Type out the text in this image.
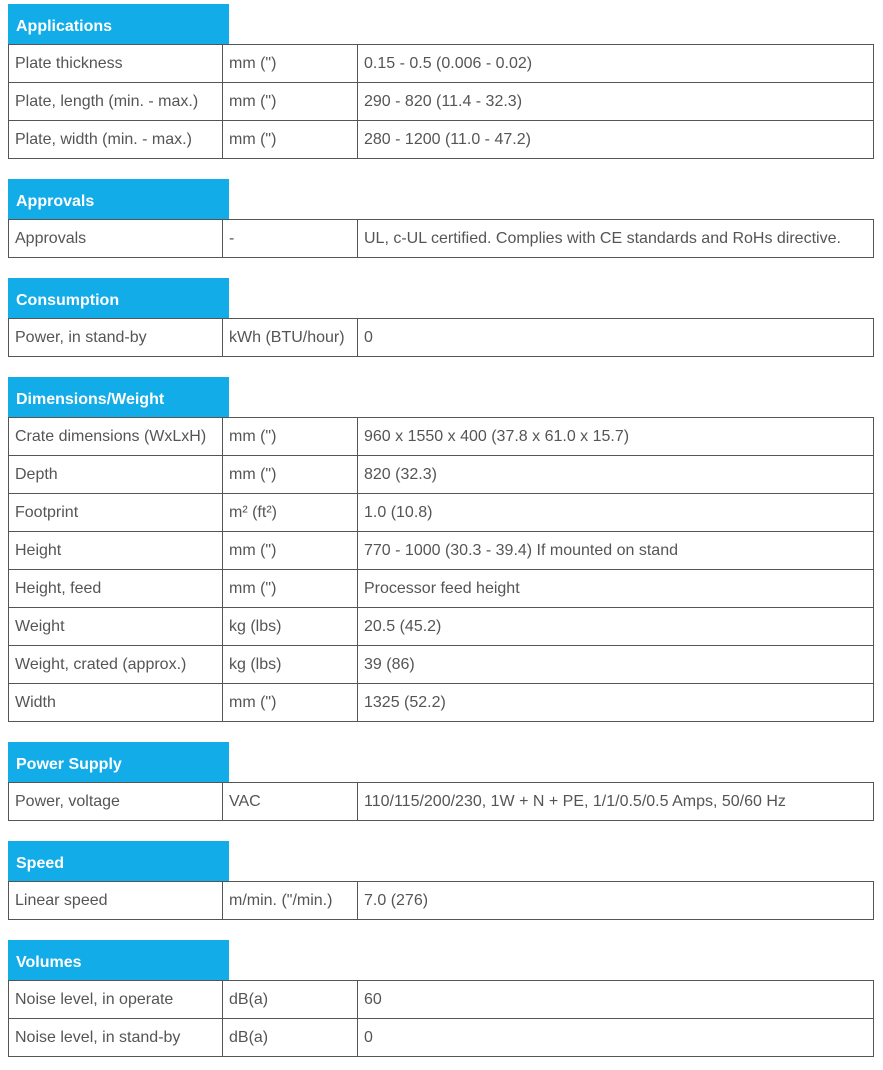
Applications
Plate thickness	mm (")	0.15 - 0.5 (0.006 - 0.02)
Plate, length (min. - max.)	mm (")	290 - 820 (11.4 - 32.3)
Plate, width (min. - max.)	mm (")	280 - 1200 (11.0 - 47.2)
Approvals
Approvals	-	UL, c-UL certified. Complies with CE standards and RoHs directive.
Consumption
Power, in stand-by	kWh (BTU/hour)	0
Dimensions/Weight
Crate dimensions (WxLxH)	mm (")	960 x 1550 x 400 (37.8 x 61.0 x 15.7)
Depth	mm (")	820 (32.3)
Footprint	m² (ft²)	1.0 (10.8)
Height	mm (")	770 - 1000 (30.3 - 39.4) If mounted on stand
Height, feed	mm (")	Processor feed height
Weight	kg (lbs)	20.5 (45.2)
Weight, crated (approx.)	kg (lbs)	39 (86)
Width	mm (")	1325 (52.2)
Power Supply
Power, voltage	VAC	110/115/200/230, 1W + N + PE, 1/1/0.5/0.5 Amps, 50/60 Hz
Speed
Linear speed	m/min. ("/min.)	7.0 (276)
Volumes
Noise level, in operate	dB(a)	60
Noise level, in stand-by	dB(a)	0
